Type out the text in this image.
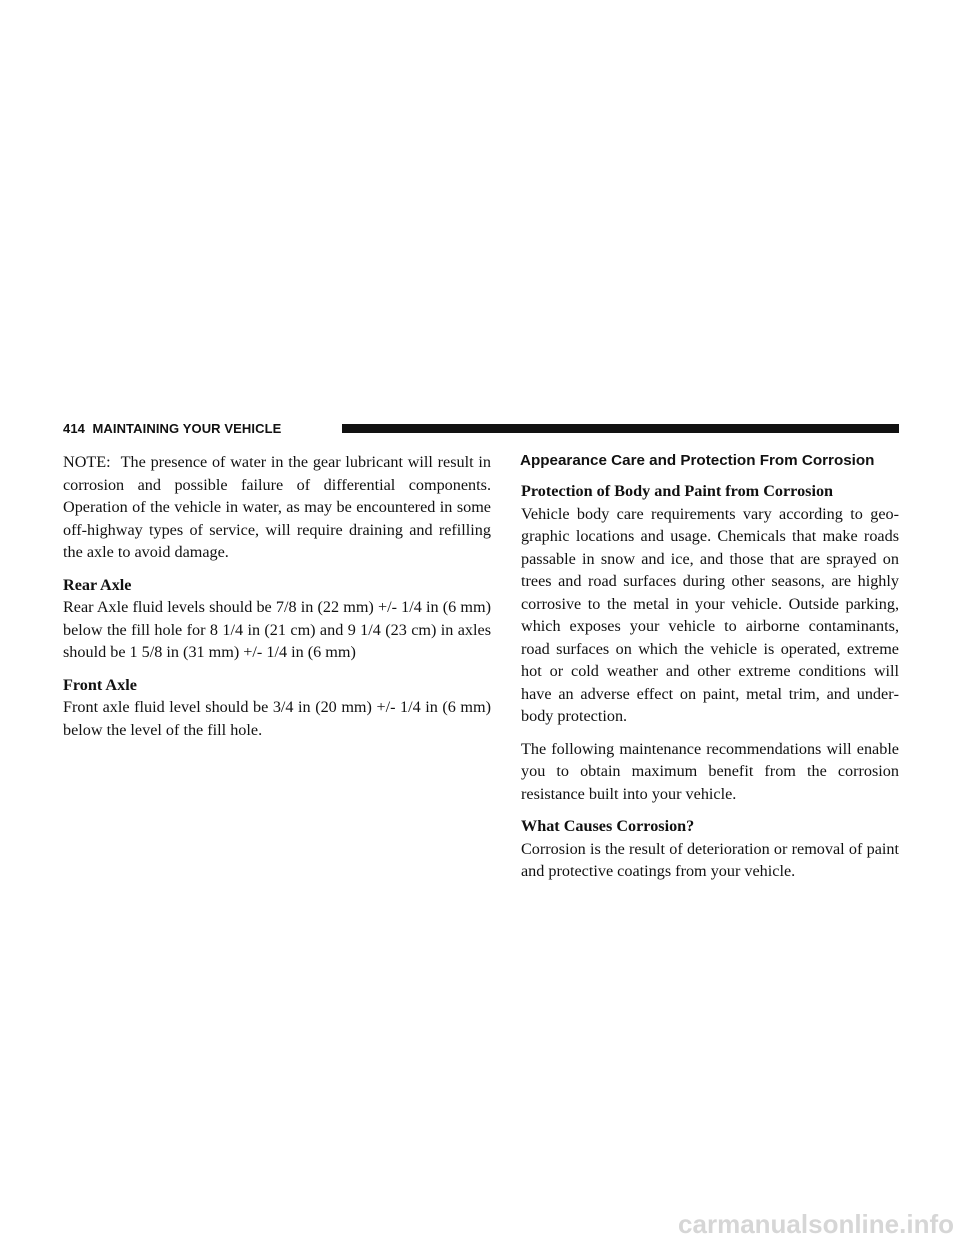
414 MAINTAINING YOUR VEHICLE

NOTE: The presence of water in the gear lubricant will result in corrosion and possible failure of differential components. Operation of the vehicle in water, as may be encountered in some off-highway types of service, will require draining and refilling the axle to avoid damage.

Rear Axle

Rear Axle fluid levels should be 7/8 in (22 mm) +/- 1/4 in (6 mm) below the fill hole for 8 1/4 in (21 cm) and 9 1/4 (23 cm) in axles should be 1 5/8 in (31 mm) +/- 1/4 in (6 mm)

Front Axle

Front axle fluid level should be 3/4 in (20 mm) +/- 1/4 in (6 mm) below the level of the fill hole.

Appearance Care and Protection From Corrosion
Protection of Body and Paint from Corrosion

Vehicle body care requirements vary according to geographic locations and usage. Chemicals that make roads passable in snow and ice, and those that are sprayed on trees and road surfaces during other seasons, are highly corrosive to the metal in your vehicle. Outside parking, which exposes your vehicle to airborne contaminants, road surfaces on which the vehicle is operated, extreme hot or cold weather and other extreme conditions will have an adverse effect on paint, metal trim, and underbody protection.

The following maintenance recommendations will enable you to obtain maximum benefit from the corrosion resistance built into your vehicle.

What Causes Corrosion?

Corrosion is the result of deterioration or removal of paint and protective coatings from your vehicle.

carmanualsonline.info
